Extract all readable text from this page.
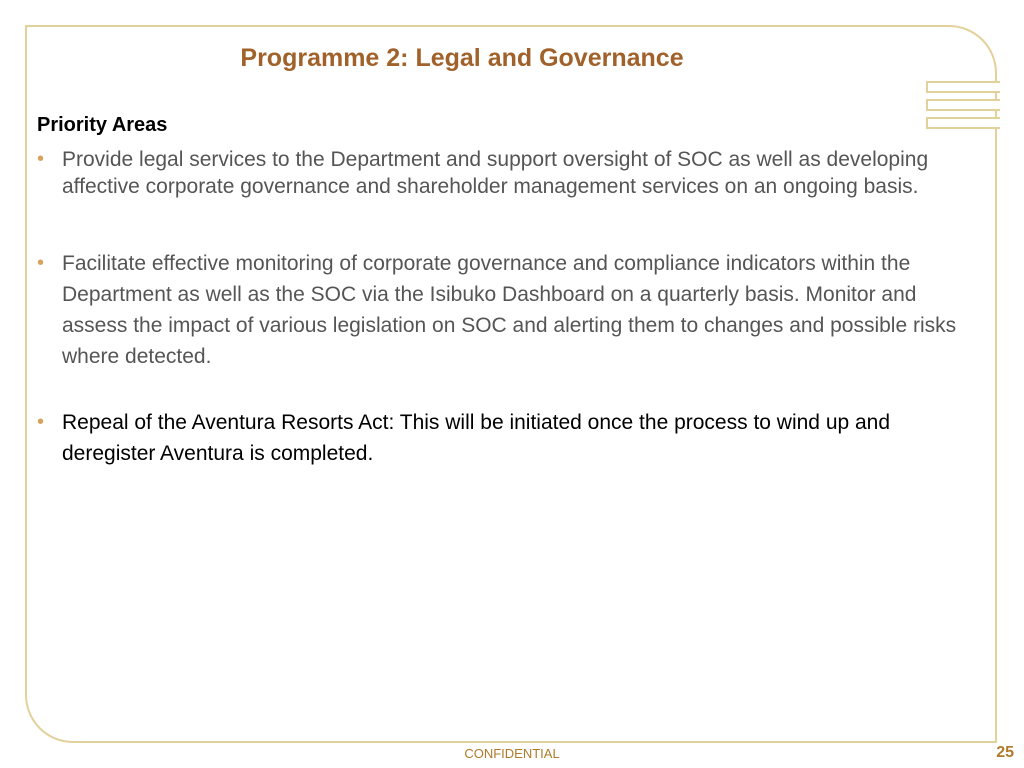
Programme 2: Legal and Governance
Priority Areas
• Provide legal services to the Department and support oversight of SOC as well as developing affective corporate governance and shareholder management services on an ongoing basis.
• Facilitate effective monitoring of corporate governance and compliance indicators within the Department as well as the SOC via the Isibuko Dashboard on a quarterly basis. Monitor and assess the impact of various legislation on SOC and alerting them to changes and possible risks where detected.
• Repeal of the Aventura Resorts Act: This will be initiated once the process to wind up and deregister Aventura is completed.
CONFIDENTIAL	25
